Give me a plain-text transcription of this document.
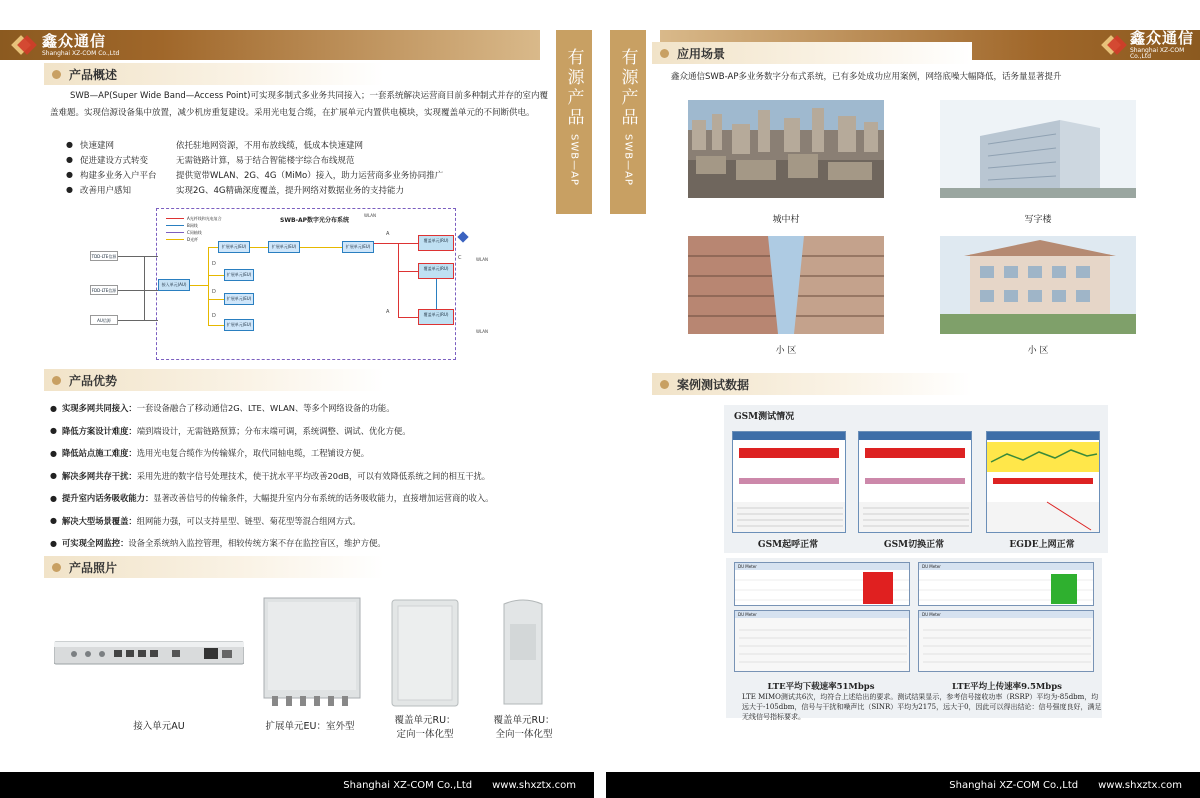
鑫众通信
Shanghai XZ-COM Co.,Ltd	有源产品
SWB—AP
产品概述

SWB—AP(Super Wide Band—Access Point)可实现多制式多业务共同接入；一套系统解决运营商目前多种制式并存的室内覆盖难题。实现信源设备集中放置，减少机房重复建设。采用光电复合缆，在扩展单元内置供电模块，实现覆盖单元的不间断供电。

● 快速建网	依托驻地网资源，不用布放线缆，低成本快速建网
● 促进建设方式转变	无需链路计算，易于结合智能楼宇综合布线规范
● 构建多业务入户平台	提供宽带WLAN、2G、4G（MiMo）接入，助力运营商多业务协同推广
● 改善用户感知	实现2G、4G精确深度覆盖，提升网络对数据业务的支持能力
SWB-AP数字光分布系统
A光纤线和光电复合
B网线
C同轴线
D光纤
TDD-LTE信源
FDD-LTE信源
AU信源
接入单元(AU)
扩展单元(EU)
扩展单元(EU)
扩展单元(EU)
扩展单元(EU)
扩展单元(EU)	扩展单元(EU)
覆盖单元(RU)
覆盖单元(RU)
覆盖单元(RU)
A
A
C
D
D
D
WLAN
WLAN
WLAN
产品优势
● 实现多网共同接入： 一套设备融合了移动通信2G、LTE、WLAN、等多个网络设备的功能。
● 降低方案设计难度： 端到端设计，无需链路预算；分布末端可调，系统调整、调试、优化方便。
● 降低站点施工难度： 选用光电复合缆作为传输媒介，取代同轴电缆，工程铺设方便。
● 解决多网共存干扰： 采用先进的数字信号处理技术，使干扰水平平均改善20dB，可以有效降低系统之间的相互干扰。
● 提升室内话务吸收能力： 显著改善信号的传输条件，大幅提升室内分布系统的话务吸收能力，直接增加运营商的收入。
● 解决大型场景覆盖： 组网能力强，可以支持星型、链型、菊花型等混合组网方式。
● 可实现全网监控： 设备全系统纳入监控管理，相较传统方案不存在监控盲区，维护方便。
产品照片
接入单元AU	扩展单元EU：室外型
覆盖单元RU：
定向一体化型
覆盖单元RU：
全向一体化型
Shanghai XZ-COM Co.,Ltd www.shxztx.com
鑫众通信
Shanghai XZ-COM Co.,Ltd
有源产品
SWB—AP
应用场景
鑫众通信SWB-AP多业务数字分布式系统，已有多处成功应用案例，网络底噪大幅降低，话务量显著提升
城中村	写字楼
小 区	小 区
案例测试数据
GSM测试情况
GSM起呼正常	GSM切换正常	EGDE上网正常
DU Meter	DU Meter
DU Meter	DU Meter
LTE平均下载速率51Mbps	LTE平均上传速率9.5Mbps
LTE MIMO测试共6次，均符合上述给出的要求。测试结果显示，参考信号接收功率（RSRP）平均为-85dbm，均远大于-105dbm，信号与干扰和噪声比（SINR）平均为2175，远大于0，因此可以得出结论：信号强度良好，满足无线信号指标要求。
Shanghai XZ-COM Co.,Ltd www.shxztx.com
